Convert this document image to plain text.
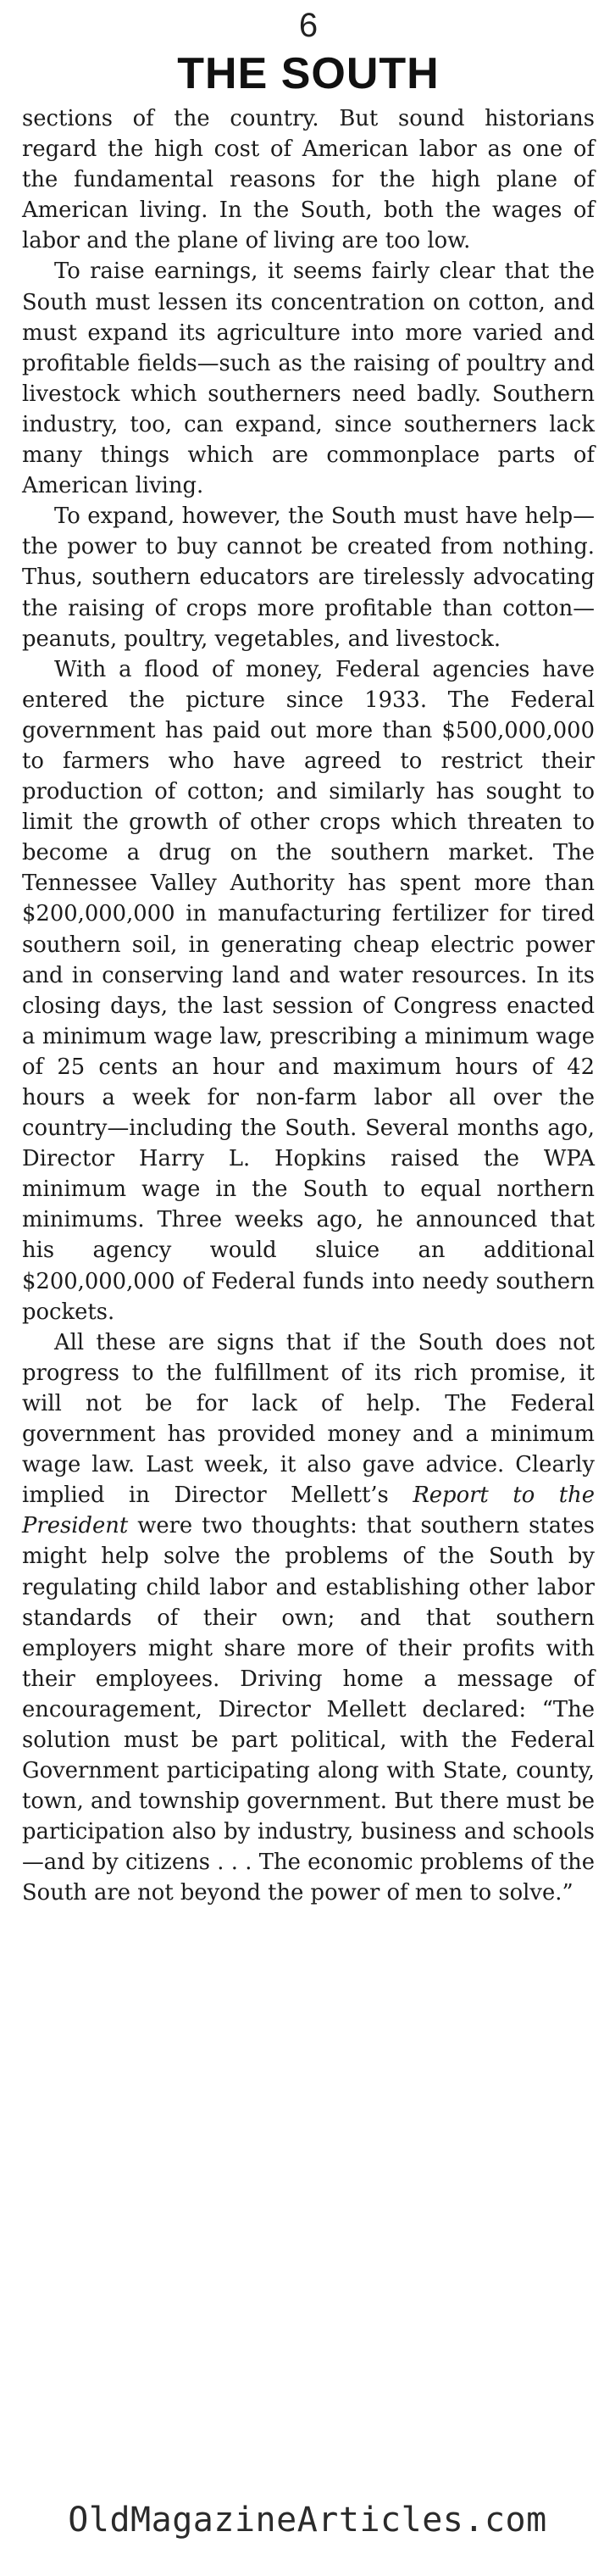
6
THE SOUTH

sections of the country. But sound historians regard the high cost of American labor as one of the fundamental reasons for the high plane of American living. In the South, both the wages of labor and the plane of living are too low.

To raise earnings, it seems fairly clear that the South must lessen its concentration on cotton, and must expand its agriculture into more varied and profitable fields—such as the raising of poultry and livestock which southerners need badly. Southern industry, too, can expand, since southerners lack many things which are commonplace parts of American living.

To expand, however, the South must have help—the power to buy cannot be created from nothing. Thus, southern educators are tirelessly advocating the raising of crops more profitable than cotton—peanuts, poultry, vegetables, and livestock.

With a flood of money, Federal agencies have entered the picture since 1933. The Federal government has paid out more than $500,000,000 to farmers who have agreed to restrict their production of cotton; and similarly has sought to limit the growth of other crops which threaten to become a drug on the southern market. The Tennessee Valley Authority has spent more than $200,000,000 in manufacturing fertilizer for tired southern soil, in generating cheap electric power and in conserving land and water resources. In its closing days, the last session of Congress enacted a minimum wage law, prescribing a minimum wage of 25 cents an hour and maximum hours of 42 hours a week for non-farm labor all over the country—including the South. Several months ago, Director Harry L. Hopkins raised the WPA minimum wage in the South to equal northern minimums. Three weeks ago, he announced that his agency would sluice an additional $200,000,000 of Federal funds into needy southern pockets.

All these are signs that if the South does not progress to the fulfillment of its rich promise, it will not be for lack of help. The Federal government has provided money and a minimum wage law. Last week, it also gave advice. Clearly implied in Director Mellett’s Report to the President were two thoughts: that southern states might help solve the problems of the South by regulating child labor and establishing other labor standards of their own; and that southern employers might share more of their profits with their employees. Driving home a message of encouragement, Director Mellett declared: “The solution must be part political, with the Federal Government participating along with State, county, town, and township government. But there must be participation also by industry, business and schools—and by citizens . . . The economic problems of the South are not beyond the power of men to solve.”

OldMagazineArticles.com
